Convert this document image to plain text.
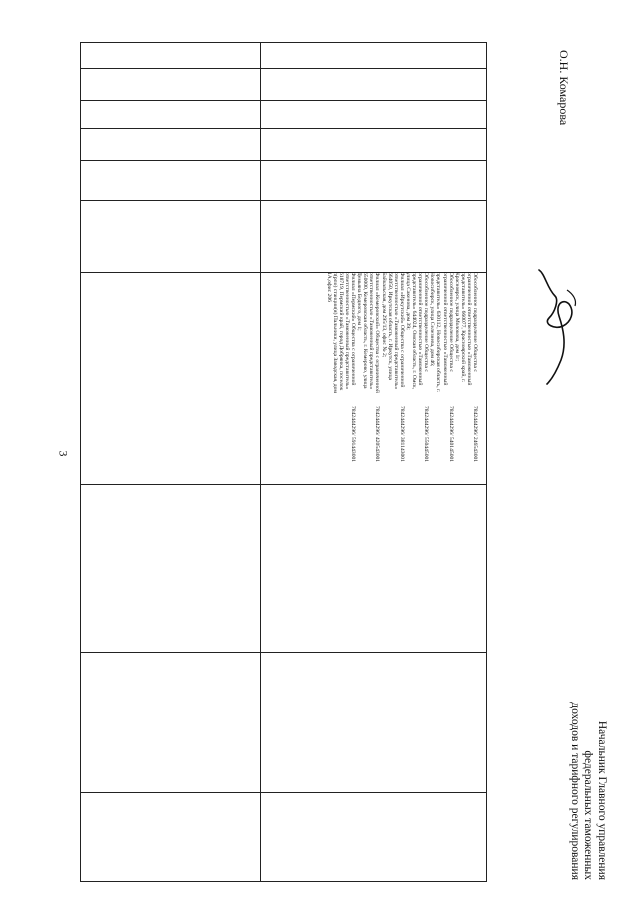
3
Обособленное подразделение Общества с ограниченной ответственностью «Таможенный представитель» 660077, Красноярский край, г. Красноярск, улица Молокова, дом 1г;
7842444296/ 246543001
Обособленное подразделение Общества с ограниченной ответственностью «Таможенный представитель» 630112, Новосибирская область, г. Новосибирск, улица Селезнева, дом 46;
7842444296/ 540145001
Обособленное подразделение Общества с ограниченной ответственностью «Таможенный представитель» 644024, Омская область, г. Омск, улица Сакенова, дом 39;
7842444296/ 550445001
Филиал «Иркутский» Общества с ограниченной ответственностью «Таможенный представитель» 664050, Иркутская область, г. Иркутск, улица Байкальская, дом 295/13, офис № 2;
7842444296/ 381143001
Филиал «Кемеровский» Общества с ограниченной ответственностью «Таможенный представитель» 650000, Кемеровская область, г. Кемерово, улица Демьяна Бедного, дом 1;
7842444296/ 420543001
Филиал «Пермский» Общества с ограниченной ответственностью «Таможенный представитель» 618719, Пермский край, город Добрянка, поселок п(рпо) станции(я) Пальники, улица Заводская, дом 1А,офис 206
7842444296/ 591443001
О.Н. Комарова
Начальник Главного управления
федеральных таможенных
доходов и тарифного регулирования
